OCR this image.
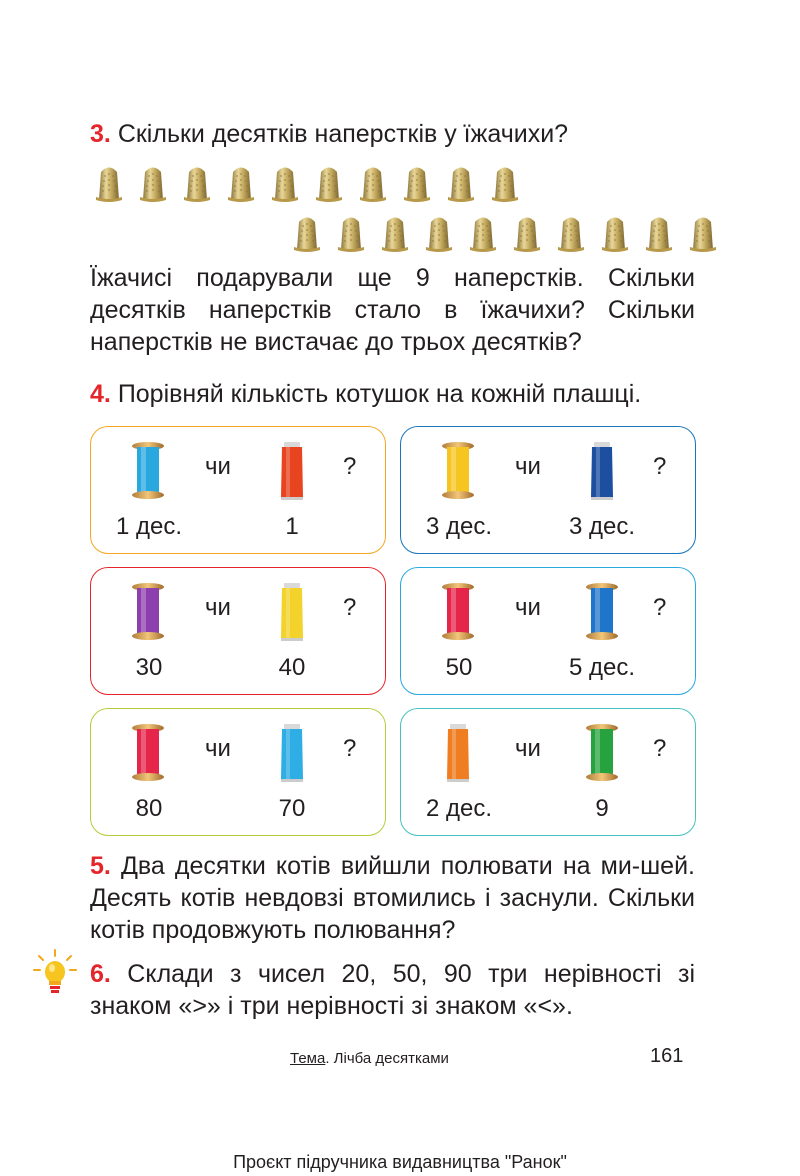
3. Скільки десятків наперстків у їжачихи?
Їжачисі подарували ще 9 наперстків. Скільки десятків наперстків стало в їжачихи? Скільки наперстків не вистачає до трьох десятків?
4. Порівняй кількість котушок на кожній плашці.
чи	?
1 дес.	1
чи	?
3 дес.	3 дес.
чи	?
30	40
чи	?
50	5 дес.
чи	?
80	70
чи	?
2 дес.	9
5. Два десятки котів вийшли полювати на ми-шей. Десять котів невдовзі втомились і заснули. Скільки котів продовжують полювання?
6. Склади з чисел 20, 50, 90 три нерівності зі знаком «>» і три нерівності зі знаком «<».
Тема. Лічба десятками	161
Проєкт підручника видавництва "Ранок"
